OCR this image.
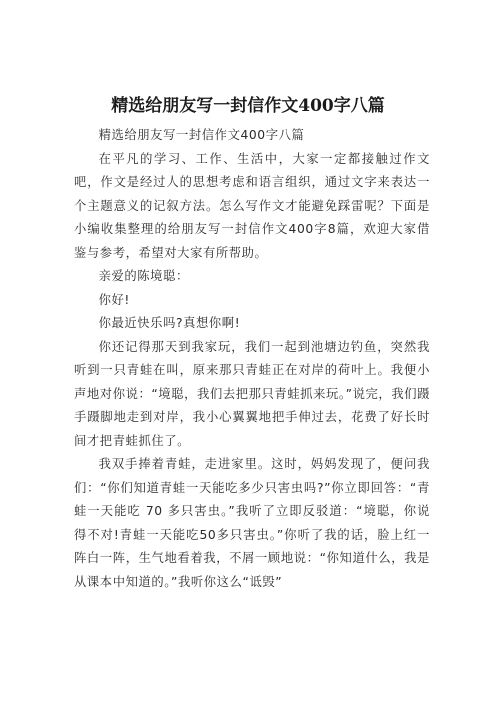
精选给朋友写一封信作文400字八篇

精选给朋友写一封信作文400字八篇

在平凡的学习、工作、生活中，大家一定都接触过作文吧，作文是经过人的思想考虑和语言组织，通过文字来表达一个主题意义的记叙方法。怎么写作文才能避免踩雷呢？下面是小编收集整理的给朋友写一封信作文400字8篇，欢迎大家借鉴与参考，希望对大家有所帮助。

亲爱的陈境聪：

你好!

你最近快乐吗?真想你啊!

你还记得那天到我家玩，我们一起到池塘边钓鱼，突然我听到一只青蛙在叫，原来那只青蛙正在对岸的荷叶上。我便小声地对你说：“境聪，我们去把那只青蛙抓来玩。”说完，我们蹑手蹑脚地走到对岸，我小心翼翼地把手伸过去，花费了好长时间才把青蛙抓住了。

我双手捧着青蛙，走进家里。这时，妈妈发现了，便问我们：“你们知道青蛙一天能吃多少只害虫吗?”你立即回答：“青蛙一天能吃 70 多只害虫。”我听了立即反驳道：“境聪，你说得不对!青蛙一天能吃50多只害虫。”你听了我的话，脸上红一阵白一阵，生气地看着我，不屑一顾地说：“你知道什么，我是从课本中知道的。”我听你这么“诋毁”
